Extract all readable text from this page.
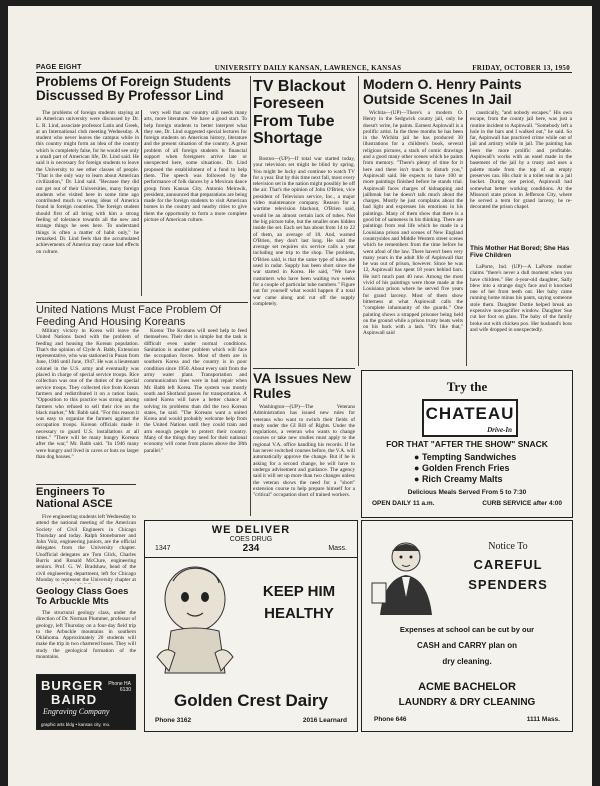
PAGE EIGHT	UNIVERSITY DAILY KANSAN, LAWRENCE, KANSAS	FRIDAY, OCTOBER 13, 1950
Problems Of Foreign Students Discussed By Professor Lind

The problems of foreign students staying at an American university were discussed by Dr. L. R. Lind, associate professor Latin and Greek, at an International club meeting Wednesday. A student who never leaves the campus while in this country might form an idea of the country which is completely false, for he would see only a small part of American life, Dr. Lind said. He said it is necessary for foreign students to leave the University to see other classes of people. "That is the only way to learn about American civilization," Dr. Lind said. "Because they did not get out of their Universities, many foreign students who visited here in some time ago contributed much to wrong ideas of America found in foreign countries. The foreign student should first of all bring with him a strong feeling of tolerance towards all the new and strange things he sees here. To understand things is often a matter of habit only," he remarked. Dr. Lind feels that the accumulated achievements of America may cause bad effects on culture.

very well that our country still needs many arts, more literature. We have a good start. To help foreign students to better interpret what they see, Dr. Lind suggested special lectures for foreign students on American history, literature and the present situation of the country. A great problem of all foreign students is financial support when foreigners arrive late or unexpected here, some situations. Dr. Lind proposed the establishment of a fund to help them. The speech was followed by the performance of folk dances by a Mexican dance group from Kansas City. Antonio Meinwik, president, announced that preparations are being made for the foreign students to visit American homes in the country and nearby cities to give them the opportunity to form a more complete picture of American culture.

United Nations Must Face Problem Of Feeding And Housing Koreans

Military victory in Korea will leave the United Nations faced with the problem of feeding and housing the Korean population. That's the opinion of Clyde A. Babb, Extension representative, who was stationed in Pusan from June, 1946 until June, 1947. He was a lieutenant colonel in the U.S. army and eventually was placed in charge of special service troops. Rice collection was one of the duties of the special service troops. They collected rice from Korean farmers and redistributed it on a ration basis. "Opposition to this practice was strong among farmers who refused to sell their rice on the black market," Mr. Babb said. "For this reason it was easy to organize the farmers against the occupation troops. Korean officials made it necessary to guard U.S. installations at all times." "There will be many hungry Koreans after the war," Mr. Babb said. "In 1946 many were hungry and lived in caves or huts no larger than dog houses."

Korea: The Koreans will need help to feed themselves. Their diet is simple but the task is difficult even under normal conditions. Sanitation is another problem which will face the occupation forces. Most of them are in southern Korea and the country is in poor condition since 1950. About every unit from the army water plant. Transportation and communication lines were in bad repair when Mr. Babb left Korea. The system was mostly south and Shotland passes for transportation. A united Korea will have a better chance of solving its problems than did the two Korean states, he said. "The Koreans want a united Korea and would probably welcome help from the United Nations until they could train and arm enough people to protect their country. Many of the things they need for their national economy will come from places above the 38th parallel."

Engineers To National ASCE

Five engineering students left Wednesday to attend the national meeting of the American Society of Civil Engineers in Chicago Thursday and today. Ralph Stoneburner and John Volz, engineering juniors, are the official delegates from the University chapter. Unofficial delegates are Tom Glick, Charles Burris and Ronald McClure, engineering seniors. Prof. G. W. Bradshaw, head of the civil engineering department, left for Chicago Monday to represent the University chapter at

Geology Class Goes To Arbuckle Mts

The structural geology class, under the direction of Dr. Norman Plummer, professor of geology, left Thursday on a four-day field trip to the Arbuckle mountains in southern Oklahoma. Approximately 20 students will make the trip in two chartered buses. They will study the geological formation of the mountains.

BURGER
BAIRD
Engraving Company
Phone HA 6130
graphic arts bldg • kansas city, mo.
TV Blackout Foreseen From Tube Shortage

Boston—(UP)—If total war started today, your television set might be blind by spring. You might be lucky and continue to watch TV for a year. But by this time next fall, most every television set in the nation might possibly be off the air. That's the opinion of John O'Brien, vice president of Television service, Inc., a major video maintenance company. Reason for a wartime television blackout, O'Brien said, would be an almost certain lack of tubes. Not the big picture tube, but the smaller ones hidden inside the set. Each set has about from 14 to 22 of them, an average of 18. And, warned O'Brien, they don't last long. He said the average set requires six service calls a year including one trip to the shop. The problem, O'Brien said, is that the same type of tubes are used in radar. Supply has been short since the war started in Korea. He said, "We have customers who have been waiting two weeks for a couple of particular tube numbers." Figure out for yourself what would happen if a total war came along and cut off the supply completely.

VA Issues New Rules

Washington—(UP)—The Veterans Administration has issued new rules for veterans who want to switch their fields of study under the GI Bill of Rights. Under the regulations, a veteran who wants to change courses or take new studies must apply to the regional V.A. office handling his records. If he has never switched courses before, the V.A. will automatically approve the change. But if he is asking for a second change, he will have to undergo advisement and guidance. The agency said it will set up more than two changes unless the veteran shows the need for a "short" extension course to help prepare himself for a "critical" occupation short of trained workers.

Modern O. Henry Paints Outside Scenes In Jail

Wichita—(UP)—There's a modern O. Henry in the Sedgwick county jail, only he doesn't write, he paints. Earnest Aspinwall is a prolific artist. In the three months he has been in the Wichita jail he has produced 30 illustrations for a children's book, several religious pictures, a stack of comic drawings and a good many other scenes which he paints from memory. "There's plenty of time for it here and there isn't much to disturb you," Aspinwall said. He expects to have 100 or more paintings finished before he stands trial. Aspinwall faces charges of kidnapping and jailbreak but he doesn't talk much about the charges. Mostly he just complains about the bad light and expresses his emotions in his paintings. Many of them show that there is a good bit of sameness in his thinking. There are paintings from real life which he made in a Louisiana prison and scenes of New England countrysides and Middle Western street scenes which he remembers from the time before he went afoul of the law. There haven't been very many years in the adult life of Aspinwall that he was out of prison, however. Since he was 12, Aspinwall has spent 18 years behind bars. He isn't much past 40 now. Among the most vivid of his paintings were those made at the Louisiana prison where he served five years for grand larceny. Most of them show bitterness at what Aspinwall calls the "complete inhumanity of the guards." One painting shows a strapped prisoner being held on the ground while a prison trusty beats welts on his back with a lash. "It's like that," Aspinwall said

caustically, "and nobody escapes." His own escape, from the county jail here, was just a routine incident to Aspinwall. "Somebody left a hole in the bars and I walked out," he said. So far, Aspinwall has practiced crime while out of jail and artistry while in jail. The painting has been the more prolific and profitable. Aspinwall's works with an easel made in the basement of the jail by a trusty and uses a palette made from the top of an empty preserves can. His chair is a toilet seat in a jail bucket. During one period, Aspinwall had somewhat better working conditions. At the Missouri state prison in Jefferson City, where he served a term for grand larceny, he re-decorated the prison chapel.

This Mother Hat Bored; She Has Five Children

LaPorte, Ind. (UP)—A LaPorte mother claims "there's never a dull moment when you have children." Her 4-year-old daughter, Sally blew into a strange dog's face and it knocked one of her front teeth out. Her baby came running home minus his pants, saying someone stole them. Daughter Dottie helped break an expensive non-pacifier window. Daughter Sue cut her foot on glass. The baby of the family broke out with chicken pox. Her husband's boss and wife dropped in unexpectedly.

Try the
CHATEAU
Drive-In
FOR THAT "AFTER THE SHOW" SNACK
● Tempting Sandwiches
● Golden French Fries
● Rich Creamy Malts
Delicious Meals Served From 5 to 7:30
OPEN DAILY 11 a.m.	CURB SERVICE after 4:00
WE DELIVER
COES DRUG
1347	234	Mass.
KEEP HIM
HEALTHY
Golden Crest Dairy
Phone 3162	2016 Learnard
Notice To
CAREFUL
SPENDERS
Expenses at school can be cut by our
CASH and CARRY plan on
dry cleaning.
ACME BACHELOR
LAUNDRY & DRY CLEANING
Phone 646	1111 Mass.
